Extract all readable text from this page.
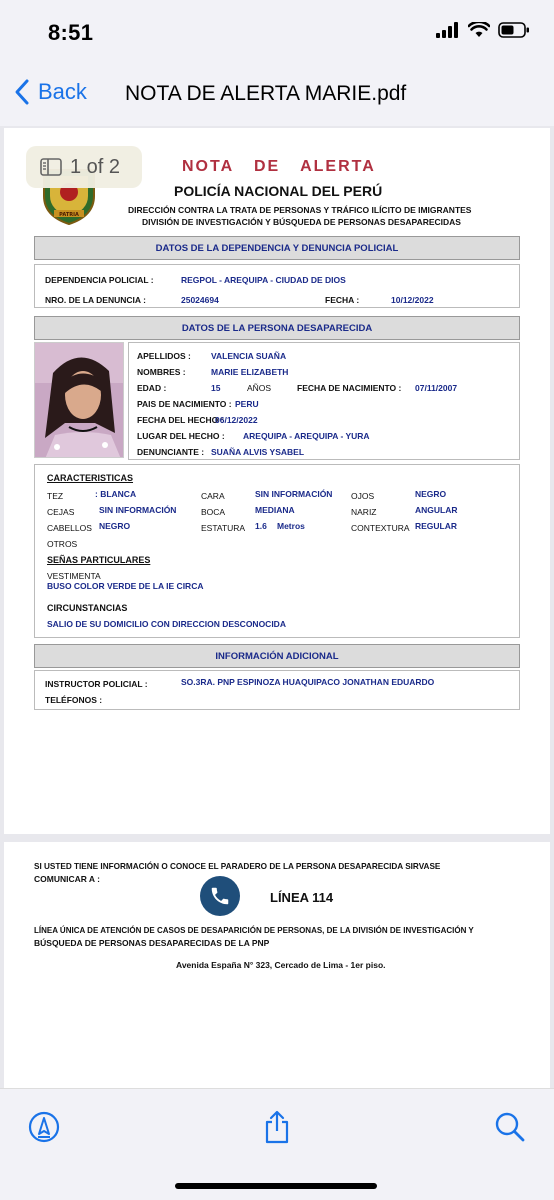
8:51
Back NOTA DE ALERTA MARIE.pdf
1 of 2
PATRIA
NOTA DE ALERTA
POLICÍA NACIONAL DEL PERÚ
DIRECCIÓN CONTRA LA TRATA DE PERSONAS Y TRÁFICO ILÍCITO DE IMIGRANTES
DIVISIÓN DE INVESTIGACIÓN Y BÚSQUEDA DE PERSONAS DESAPARECIDAS
DATOS DE LA DEPENDENCIA Y DENUNCIA POLICIAL
DEPENDENCIA POLICIAL :	REGPOL - AREQUIPA - CIUDAD DE DIOS
NRO. DE LA DENUNCIA :	25024694	FECHA :	10/12/2022
DATOS DE LA PERSONA DESAPARECIDA
APELLIDOS : VALENCIA SUAÑA
NOMBRES :	MARIE ELIZABETH
EDAD :	15	AÑOS	FECHA DE NACIMIENTO : 07/11/2007
PAIS DE NACIMIENTO : PERU
FECHA DEL HECHO :
06/12/2022
LUGAR DEL HECHO : AREQUIPA - AREQUIPA - YURA
DENUNCIANTE : SUAÑA ALVIS YSABEL
CARACTERISTICAS
TEZ	: BLANCA	CARA	SIN INFORMACIÓN OJOS	NEGRO
CEJAS	SIN INFORMACIÓN	BOCA	MEDIANA	NARIZ	ANGULAR
CABELLOS NEGRO	ESTATURA 1.6 Metros	CONTEXTURA REGULAR
OTROS
SEÑAS PARTICULARES
VESTIMENTA
BUSO COLOR VERDE DE LA IE CIRCA
CIRCUNSTANCIAS
SALIO DE SU DOMICILIO CON DIRECCION DESCONOCIDA
INFORMACIÓN ADICIONAL
INSTRUCTOR POLICIAL :	SO.3RA. PNP ESPINOZA HUAQUIPACO JONATHAN EDUARDO
TELÉFONOS :
SI USTED TIENE INFORMACIÓN O CONOCE EL PARADERO DE LA PERSONA DESAPARECIDA SIRVASE
COMUNICAR A :
LÍNEA 114
LÍNEA ÚNICA DE ATENCIÓN DE CASOS DE DESAPARICIÓN DE PERSONAS, DE LA DIVISIÓN DE INVESTIGACIÓN Y
BÚSQUEDA DE PERSONAS DESAPARECIDAS DE LA PNP
Avenida España N° 323, Cercado de Lima - 1er piso.
